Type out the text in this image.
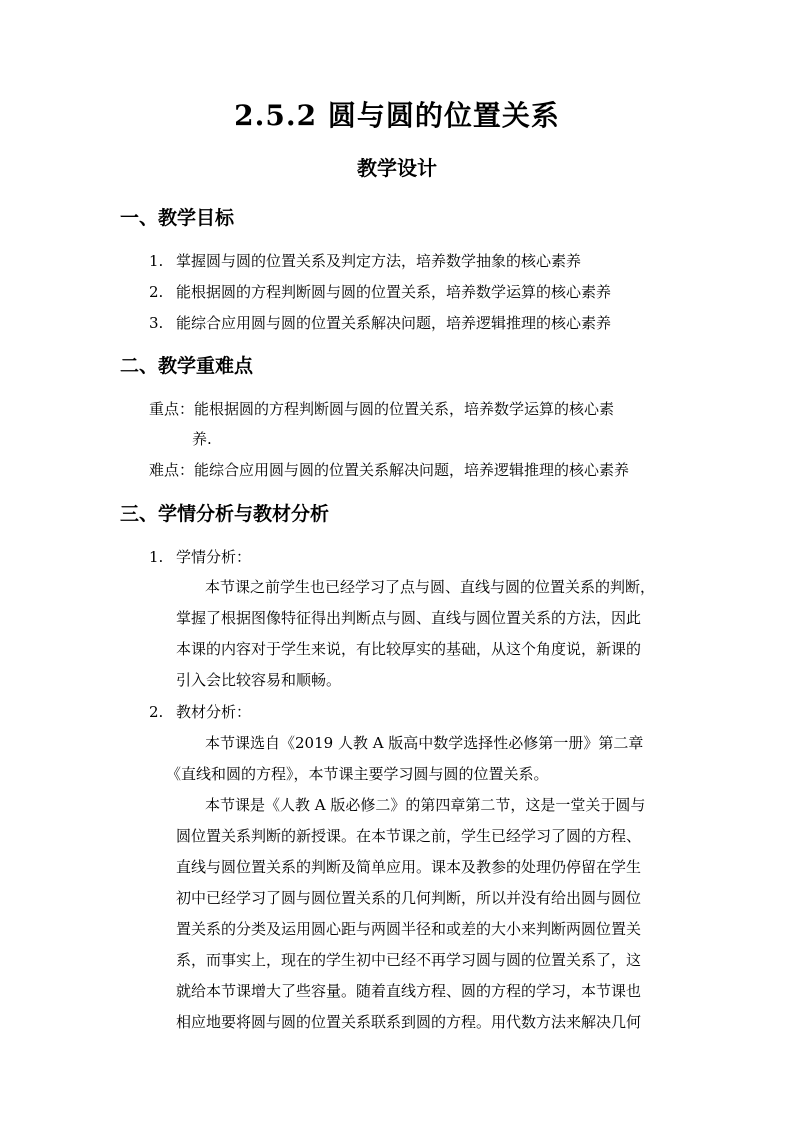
2.5.2 圆与圆的位置关系
教学设计
一、教学目标
1. 掌握圆与圆的位置关系及判定方法，培养数学抽象的核心素养
2. 能根据圆的方程判断圆与圆的位置关系，培养数学运算的核心素养
3. 能综合应用圆与圆的位置关系解决问题，培养逻辑推理的核心素养
二、教学重难点
重点：能根据圆的方程判断圆与圆的位置关系，培养数学运算的核心素
养.
难点：能综合应用圆与圆的位置关系解决问题，培养逻辑推理的核心素养
三、学情分析与教材分析
1. 学情分析：
本节课之前学生也已经学习了点与圆、直线与圆的位置关系的判断，
掌握了根据图像特征得出判断点与圆、直线与圆位置关系的方法，因此
本课的内容对于学生来说，有比较厚实的基础，从这个角度说，新课的
引入会比较容易和顺畅。
2. 教材分析：
本节课选自《2019 人教 A 版高中数学选择性必修第一册》第二章
《直线和圆的方程》，本节课主要学习圆与圆的位置关系。
本节课是《人教 A 版必修二》的第四章第二节，这是一堂关于圆与
圆位置关系判断的新授课。在本节课之前，学生已经学习了圆的方程、
直线与圆位置关系的判断及简单应用。课本及教参的处理仍停留在学生
初中已经学习了圆与圆位置关系的几何判断，所以并没有给出圆与圆位
置关系的分类及运用圆心距与两圆半径和或差的大小来判断两圆位置关
系，而事实上，现在的学生初中已经不再学习圆与圆的位置关系了，这
就给本节课增大了些容量。随着直线方程、圆的方程的学习，本节课也
相应地要将圆与圆的位置关系联系到圆的方程。用代数方法来解决几何
